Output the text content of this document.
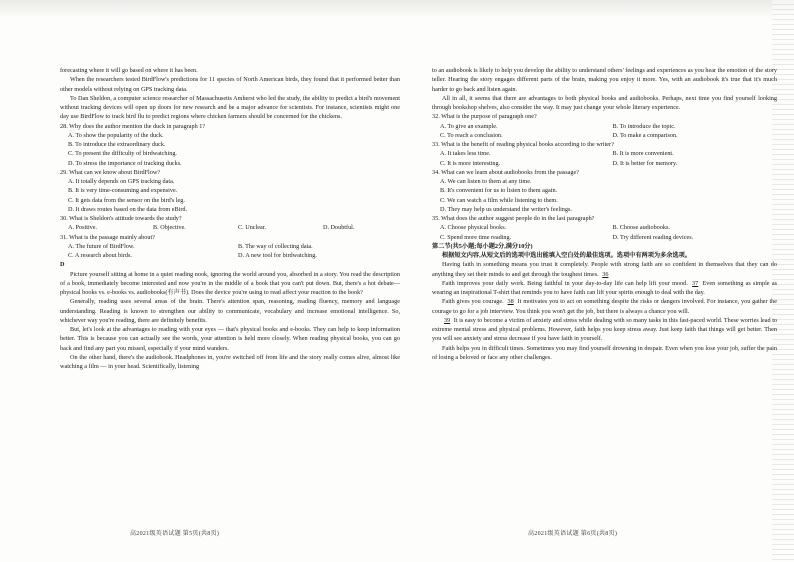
forecasting where it will go based on where it has been.

When the researchers tested BirdFlow's predictions for 11 species of North American birds, they found that it performed better than other models without relying on GPS tracking data.

To Dan Sheldon, a computer science researcher of Massachusetts Amherst who led the study, the ability to predict a bird's movement without tracking devices will open up doors for new research and be a major advance for scientists. For instance, scientists might one day use BirdFlow to track bird flu to predict regions where chicken farmers should be concerned for the chickens.

28. Why does the author mention the duck in paragraph 1?

A. To show the popularity of the duck.

B. To introduce the extraordinary duck.

C. To present the difficulty of birdwatching.

D. To stress the importance of tracking ducks.

29. What can we know about BirdFlow?

A. It totally depends on GPS tracking data.

B. It is very time-consuming and expensive.

C. It gets data from the sensor on the bird's leg.

D. It draws routes based on the data from eBird.

30. What is Sheldon's attitude towards the study?

A. Positive.	B. Objective.	C. Unclear.	D. Doubtful.

31. What is the passage mainly about?

A. The future of BirdFlow.	B. The way of collecting data.
C. A research about birds.	D. A new tool for birdwatching.

D

Picture yourself sitting at home in a quiet reading nook, ignoring the world around you, absorbed in a story. You read the description of a book, immediately become interested and now you're in the middle of a book that you can't put down. But, there's a hot debate—physical books vs. e-books vs. audiobooks(有声书). Does the device you're using to read affect your reaction to the book?

Generally, reading uses several areas of the brain. There's attention span, reasoning, reading fluency, memory and language understanding. Reading is known to strengthen our ability to communicate, vocabulary and increase emotional intelligence. So, whichever way you're reading, there are definitely benefits.

But, let's look at the advantages to reading with your eyes — that's physical books and e-books. They can help to keep information better. This is because you can actually see the words, your attention is held more closely. When reading physical books, you can go back and find any part you missed, especially if your mind wanders.

On the other hand, there's the audiobook. Headphones in, you're switched off from life and the story really comes alive, almost like watching a film — in your head. Scientifically, listening

to an audiobook is likely to help you develop the ability to understand others' feelings and experiences as you hear the emotion of the story teller. Hearing the story engages different parts of the brain, making you enjoy it more. Yes, with an audiobook it's true that it's much harder to go back and listen again.

All in all, it seems that there are advantages to both physical books and audiobooks. Perhaps, next time you find yourself looking through bookshop shelves, also consider the way. It may just change your whole literary experience.

32. What is the purpose of paragraph one?

A. To give an example.	B. To introduce the topic.
C. To reach a conclusion.	D. To make a comparison.

33. What is the benefit of reading physical books according to the writer?

A. It takes less time.	B. It is more convenient.
C. It is more interesting.	D. It is better for memory.

34. What can we learn about audiobooks from the passage?

A. We can listen to them at any time.

B. It's convenient for us to listen to them again.

C. We can watch a film while listening to them.

D. They may help us understand the writer's feelings.

35. What does the author suggest people do in the last paragraph?

A. Choose physical books.	B. Choose audiobooks.
C. Spend more time reading.	D. Try different reading devices.

第二节(共5小题;每小题2分,满分10分)

根据短文内容,从短文后的选项中选出能填入空白处的最佳选项。选项中有两项为多余选项。

Having faith in something means you trust it completely. People with strong faith are so confident in themselves that they can do anything they set their minds to and get through the toughest times. 36

Faith improves your daily work. Being faithful in your day-to-day life can help lift your mood. 37 Even something as simple as wearing an inspirational T-shirt that reminds you to have faith can lift your spirits enough to deal with the day.

Faith gives you courage. 38 It motivates you to act on something despite the risks or dangers involved. For instance, you gather the courage to go for a job interview. You think you won't get the job, but there is always a chance you will.

39 It is easy to become a victim of anxiety and stress while dealing with so many tasks in this fast-paced world. These worries lead to extreme mental stress and physical problems. However, faith helps you keep stress away. Just keep faith that things will get better. Then you will see anxiety and stress decrease if you have faith in yourself.

Faith helps you in difficult times. Sometimes you may find yourself drowning in despair. Even when you lose your job, suffer the pain of losing a beloved or face any other challenges.

高2021级英语试题 第5页(共8页)	高2021级英语试题 第6页(共8页)
